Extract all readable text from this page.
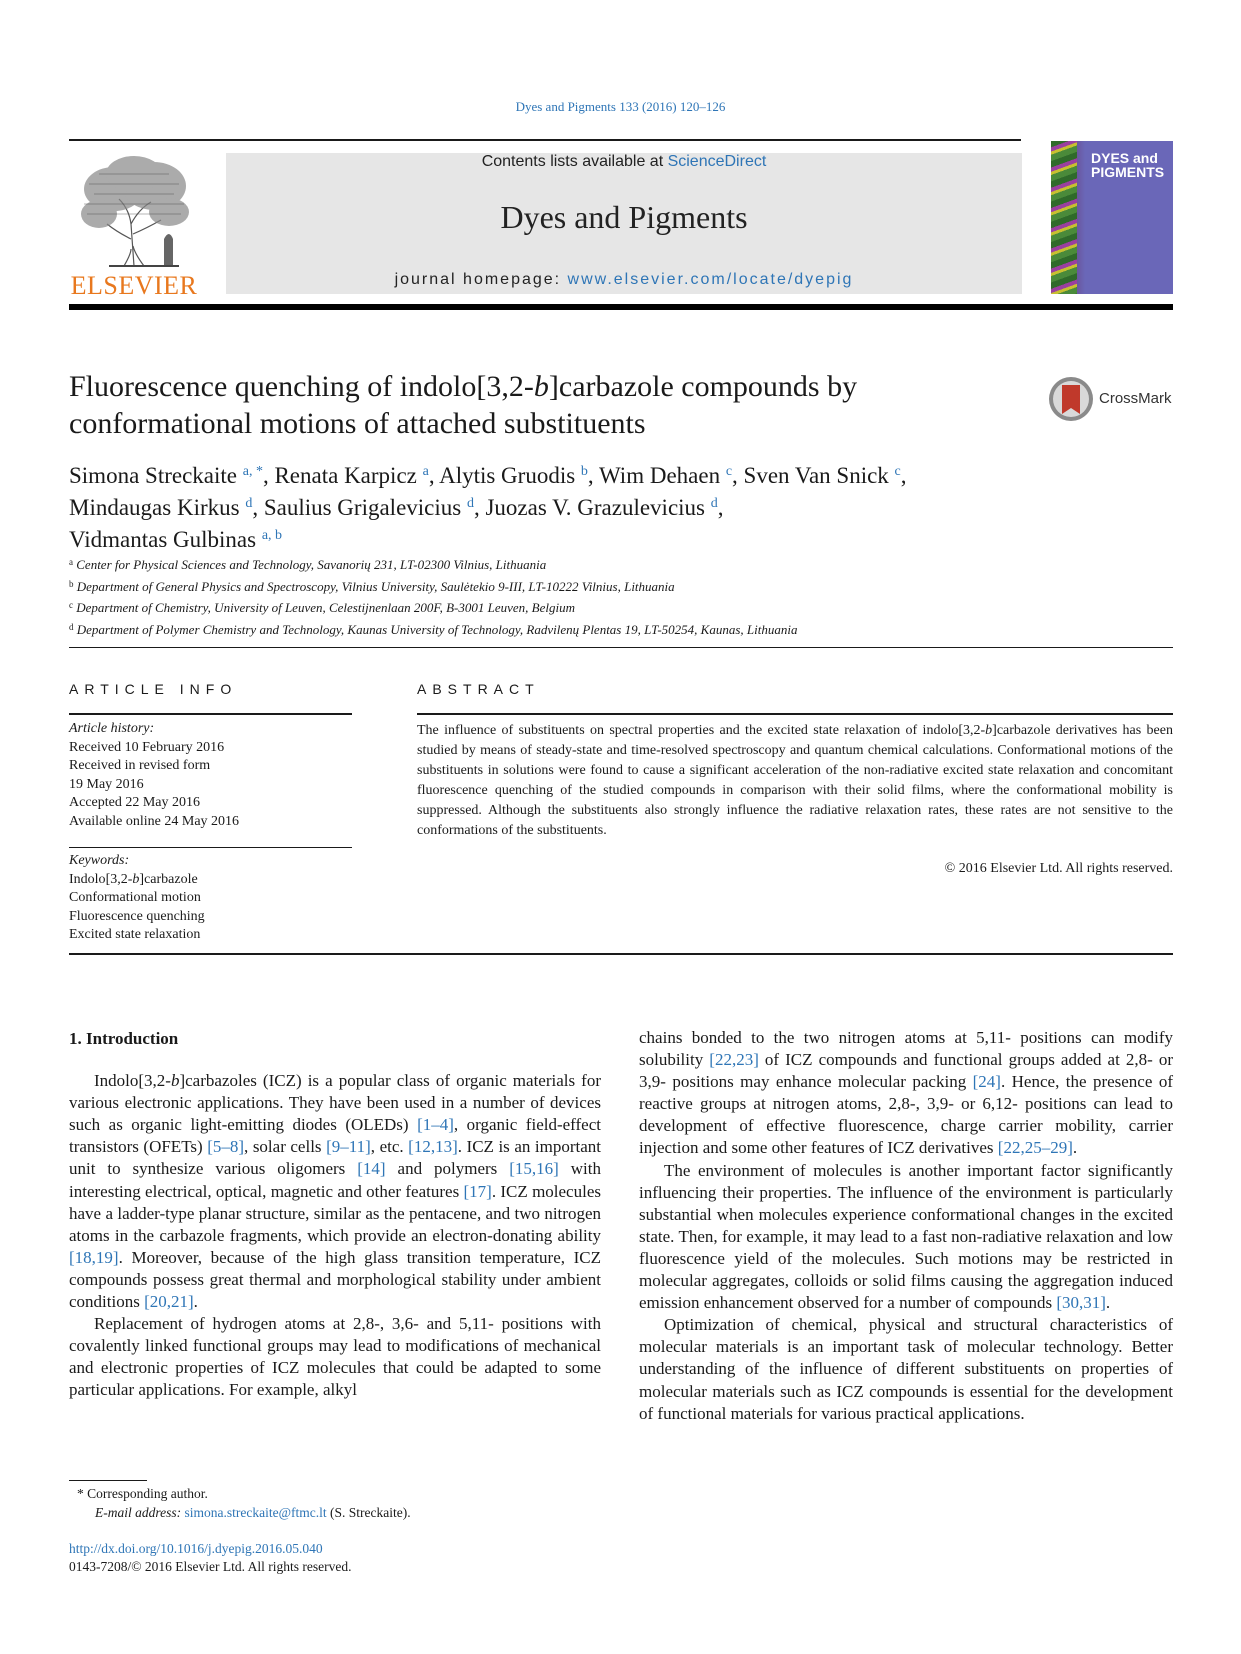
Dyes and Pigments 133 (2016) 120–126
ELSEVIER
Contents lists available at ScienceDirect
Dyes and Pigments
journal homepage: www.elsevier.com/locate/dyepig
DYES and PIGMENTS
Fluorescence quenching of indolo[3,2-b]carbazole compounds by conformational motions of attached substituents
CrossMark
Simona Streckaite $^{a, *}$, Renata Karpicz $^a$, Alytis Gruodis $^b$, Wim Dehaen $^c$, Sven Van Snick $^c$,
Mindaugas Kirkus $^d$, Saulius Grigalevicius $^d$, Juozas V. Grazulevicius $^d$,
Vidmantas Gulbinas $^{a, b}$
$^a$ Center for Physical Sciences and Technology, Savanorių 231, LT-02300 Vilnius, Lithuania
$^b$ Department of General Physics and Spectroscopy, Vilnius University, Saulėtekio 9-III, LT-10222 Vilnius, Lithuania
$^c$ Department of Chemistry, University of Leuven, Celestijnenlaan 200F, B-3001 Leuven, Belgium
$^d$ Department of Polymer Chemistry and Technology, Kaunas University of Technology, Radvilenų Plentas 19, LT-50254, Kaunas, Lithuania
ARTICLE INFO
Article history:
Received 10 February 2016
Received in revised form
19 May 2016
Accepted 22 May 2016
Available online 24 May 2016
Keywords:
Indolo[3,2-b]carbazole
Conformational motion
Fluorescence quenching
Excited state relaxation
ABSTRACT
The influence of substituents on spectral properties and the excited state relaxation of indolo[3,2-b]carbazole derivatives has been studied by means of steady-state and time-resolved spectroscopy and quantum chemical calculations. Conformational motions of the substituents in solutions were found to cause a significant acceleration of the non-radiative excited state relaxation and concomitant fluorescence quenching of the studied compounds in comparison with their solid films, where the conformational mobility is suppressed. Although the substituents also strongly influence the radiative relaxation rates, these rates are not sensitive to the conformations of the substituents.
© 2016 Elsevier Ltd. All rights reserved.
1. Introduction

Indolo[3,2-b]carbazoles (ICZ) is a popular class of organic materials for various electronic applications. They have been used in a number of devices such as organic light-emitting diodes (OLEDs) [1–4], organic field-effect transistors (OFETs) [5–8], solar cells [9–11], etc. [12,13]. ICZ is an important unit to synthesize various oligomers [14] and polymers [15,16] with interesting electrical, optical, magnetic and other features [17]. ICZ molecules have a ladder-type planar structure, similar as the pentacene, and two nitrogen atoms in the carbazole fragments, which provide an electron-donating ability [18,19]. Moreover, because of the high glass transition temperature, ICZ compounds possess great thermal and morphological stability under ambient conditions [20,21].

Replacement of hydrogen atoms at 2,8-, 3,6- and 5,11- positions with covalently linked functional groups may lead to modifications of mechanical and electronic properties of ICZ molecules that could be adapted to some particular applications. For example, alkyl

chains bonded to the two nitrogen atoms at 5,11- positions can modify solubility [22,23] of ICZ compounds and functional groups added at 2,8- or 3,9- positions may enhance molecular packing [24]. Hence, the presence of reactive groups at nitrogen atoms, 2,8-, 3,9- or 6,12- positions can lead to development of effective fluorescence, charge carrier mobility, carrier injection and some other features of ICZ derivatives [22,25–29].

The environment of molecules is another important factor significantly influencing their properties. The influence of the environment is particularly substantial when molecules experience conformational changes in the excited state. Then, for example, it may lead to a fast non-radiative relaxation and low fluorescence yield of the molecules. Such motions may be restricted in molecular aggregates, colloids or solid films causing the aggregation induced emission enhancement observed for a number of compounds [30,31].

Optimization of chemical, physical and structural characteristics of molecular materials is an important task of molecular technology. Better understanding of the influence of different substituents on properties of molecular materials such as ICZ compounds is essential for the development of functional materials for various practical applications.

* Corresponding author.
E-mail address: simona.streckaite@ftmc.lt (S. Streckaite).
http://dx.doi.org/10.1016/j.dyepig.2016.05.040
0143-7208/© 2016 Elsevier Ltd. All rights reserved.
